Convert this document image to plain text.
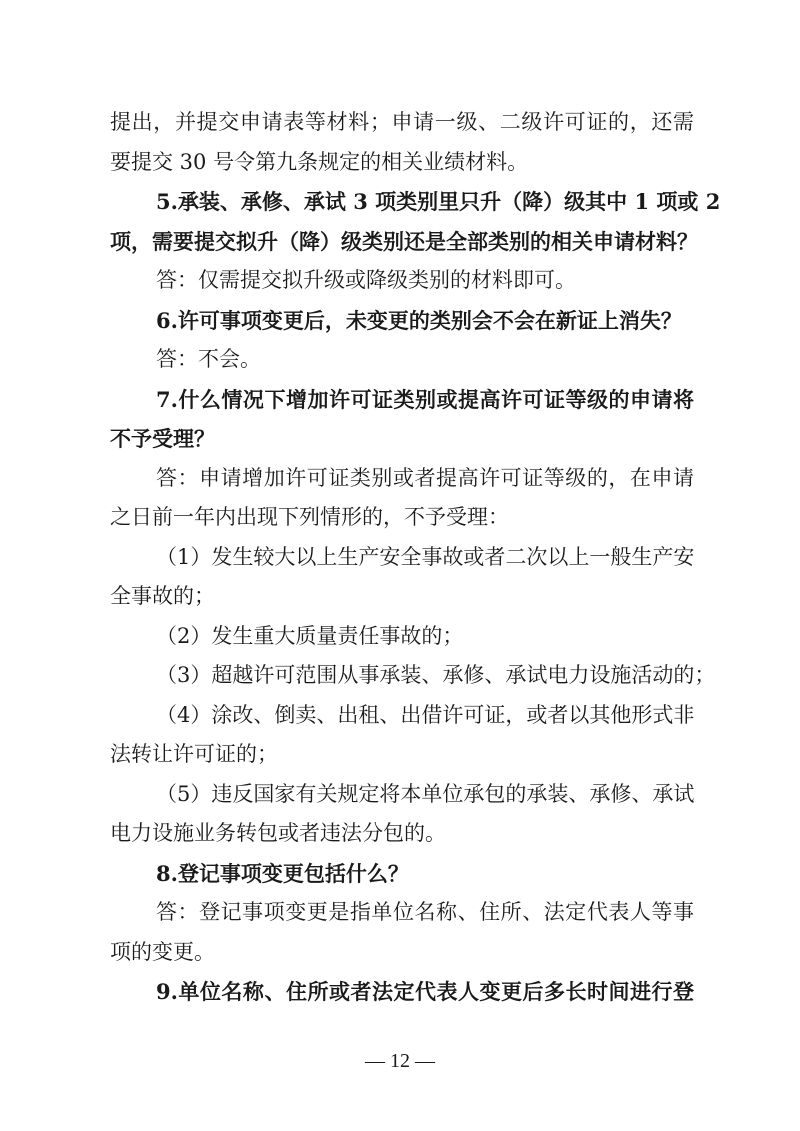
提出，并提交申请表等材料；申请一级、二级许可证的，还需
要提交 30 号令第九条规定的相关业绩材料。
5.承装、承修、承试 3 项类别里只升（降）级其中 1 项或 2
项，需要提交拟升（降）级类别还是全部类别的相关申请材料？
答：仅需提交拟升级或降级类别的材料即可。
6.许可事项变更后，未变更的类别会不会在新证上消失？
答：不会。
7.什么情况下增加许可证类别或提高许可证等级的申请将
不予受理？
答：申请增加许可证类别或者提高许可证等级的，在申请
之日前一年内出现下列情形的，不予受理：
（1）发生较大以上生产安全事故或者二次以上一般生产安
全事故的；
（2）发生重大质量责任事故的；
（3）超越许可范围从事承装、承修、承试电力设施活动的；
（4）涂改、倒卖、出租、出借许可证，或者以其他形式非
法转让许可证的；
（5）违反国家有关规定将本单位承包的承装、承修、承试
电力设施业务转包或者违法分包的。
8.登记事项变更包括什么？
答：登记事项变更是指单位名称、住所、法定代表人等事
项的变更。
9.单位名称、住所或者法定代表人变更后多长时间进行登
— 12 —
